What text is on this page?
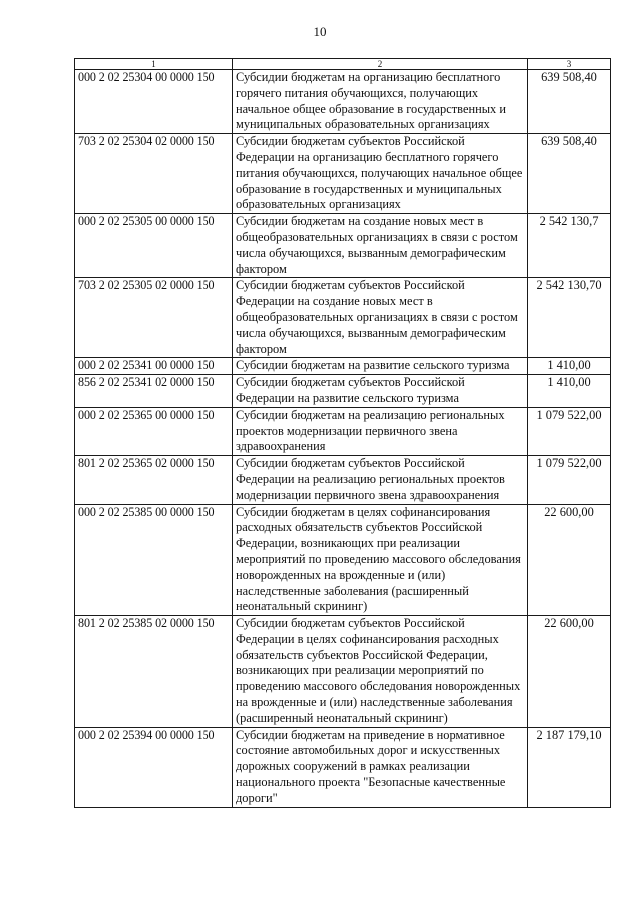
10
1	2	3
000 2 02 25304 00 0000 150	Субсидии бюджетам на организацию бесплатного горячего питания обучающихся, получающих начальное общее образование в государственных и муниципальных образовательных организациях	639 508,40
703 2 02 25304 02 0000 150	Субсидии бюджетам субъектов Российской Федерации на организацию бесплатного горячего питания обучающихся, получающих начальное общее образование в государственных и муниципальных образовательных организациях	639 508,40
000 2 02 25305 00 0000 150	Субсидии бюджетам на создание новых мест в общеобразовательных организациях в связи с ростом числа обучающихся, вызванным демографическим фактором	2 542 130,7
703 2 02 25305 02 0000 150	Субсидии бюджетам субъектов Российской Федерации на создание новых мест в общеобразовательных организациях в связи с ростом числа обучающихся, вызванным демографическим фактором	2 542 130,70
000 2 02 25341 00 0000 150	Субсидии бюджетам на развитие сельского туризма	1 410,00
856 2 02 25341 02 0000 150	Субсидии бюджетам субъектов Российской Федерации на развитие сельского туризма	1 410,00
000 2 02 25365 00 0000 150	Субсидии бюджетам на реализацию региональных проектов модернизации первичного звена здравоохранения	1 079 522,00
801 2 02 25365 02 0000 150	Субсидии бюджетам субъектов Российской Федерации на реализацию региональных проектов модернизации первичного звена здравоохранения	1 079 522,00
000 2 02 25385 00 0000 150	Субсидии бюджетам в целях софинансирования расходных обязательств субъектов Российской Федерации, возникающих при реализации мероприятий по проведению массового обследования новорожденных на врожденные и (или) наследственные заболевания (расширенный неонатальный скрининг)	22 600,00
801 2 02 25385 02 0000 150	Субсидии бюджетам субъектов Российской Федерации в целях софинансирования расходных обязательств субъектов Российской Федерации, возникающих при реализации мероприятий по проведению массового обследования новорожденных на врожденные и (или) наследственные заболевания (расширенный неонатальный скрининг)	22 600,00
000 2 02 25394 00 0000 150	Субсидии бюджетам на приведение в нормативное состояние автомобильных дорог и искусственных дорожных сооружений в рамках реализации национального проекта "Безопасные качественные дороги"	2 187 179,10
